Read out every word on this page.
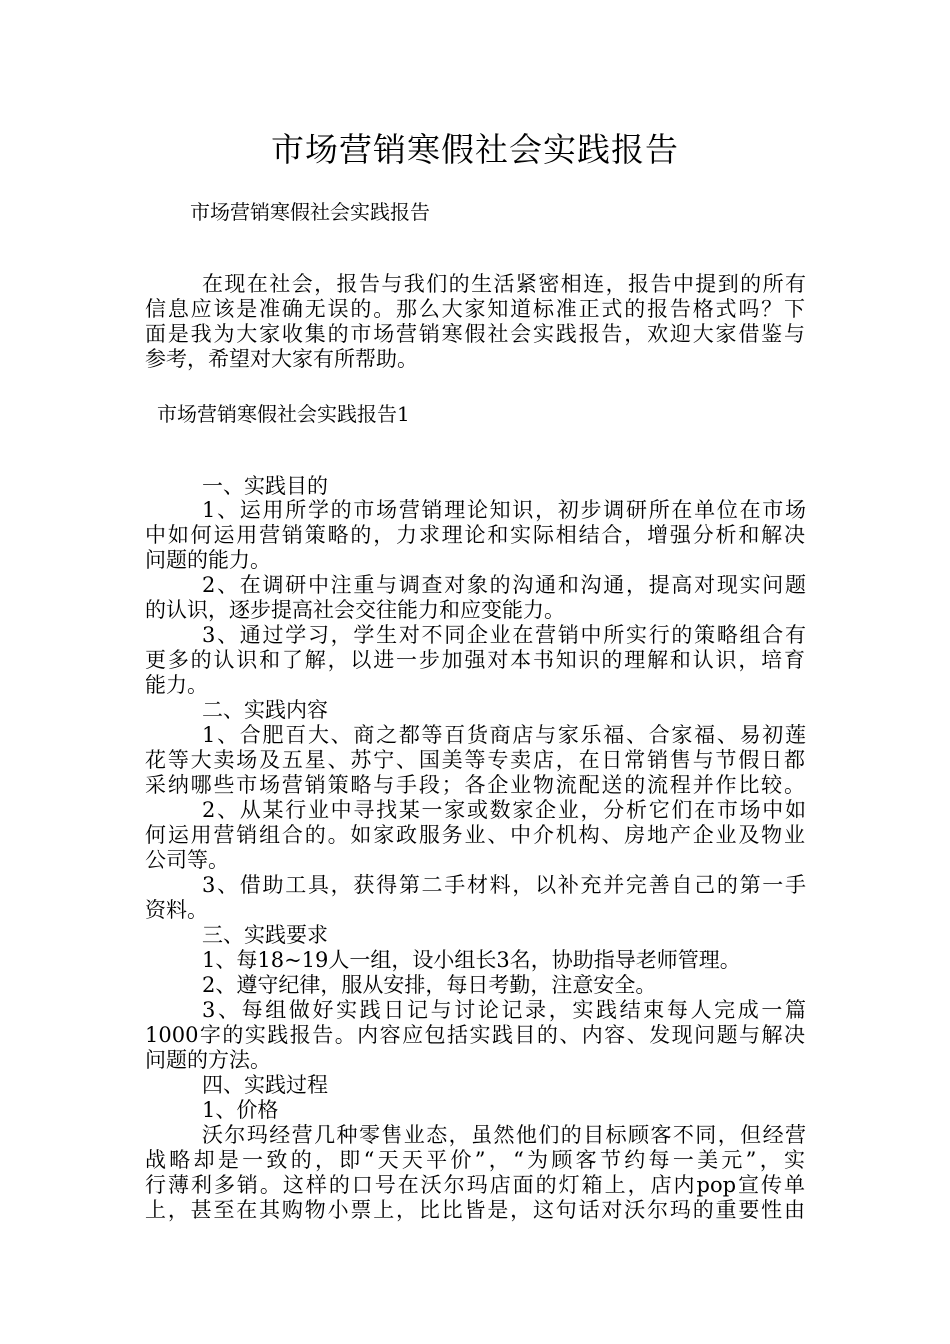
市场营销寒假社会实践报告
市场营销寒假社会实践报告
在现在社会，报告与我们的生活紧密相连，报告中提到的所有
信息应该是准确无误的。那么大家知道标准正式的报告格式吗？下
面是我为大家收集的市场营销寒假社会实践报告，欢迎大家借鉴与
参考，希望对大家有所帮助。
市场营销寒假社会实践报告1
一、实践目的
1、运用所学的市场营销理论知识，初步调研所在单位在市场
中如何运用营销策略的，力求理论和实际相结合，增强分析和解决
问题的能力。
2、在调研中注重与调查对象的沟通和沟通，提高对现实问题
的认识，逐步提高社会交往能力和应变能力。
3、通过学习，学生对不同企业在营销中所实行的策略组合有
更多的认识和了解，以进一步加强对本书知识的理解和认识，培育
能力。
二、实践内容
1、合肥百大、商之都等百货商店与家乐福、合家福、易初莲
花等大卖场及五星、苏宁、国美等专卖店，在日常销售与节假日都
采纳哪些市场营销策略与手段；各企业物流配送的流程并作比较。
2、从某行业中寻找某一家或数家企业，分析它们在市场中如
何运用营销组合的。如家政服务业、中介机构、房地产企业及物业
公司等。
3、借助工具，获得第二手材料，以补充并完善自己的第一手
资料。
三、实践要求
1、每18~19人一组，设小组长3名，协助指导老师管理。
2、遵守纪律，服从安排，每日考勤，注意安全。
3、每组做好实践日记与讨论记录，实践结束每人完成一篇
1000字的实践报告。内容应包括实践目的、内容、发现问题与解决
问题的方法。
四、实践过程
1、价格
沃尔玛经营几种零售业态，虽然他们的目标顾客不同，但经营
战略却是一致的，即“天天平价”，“为顾客节约每一美元”，实
行薄利多销。这样的口号在沃尔玛店面的灯箱上，店内pop宣传单
上，甚至在其购物小票上，比比皆是，这句话对沃尔玛的重要性由
